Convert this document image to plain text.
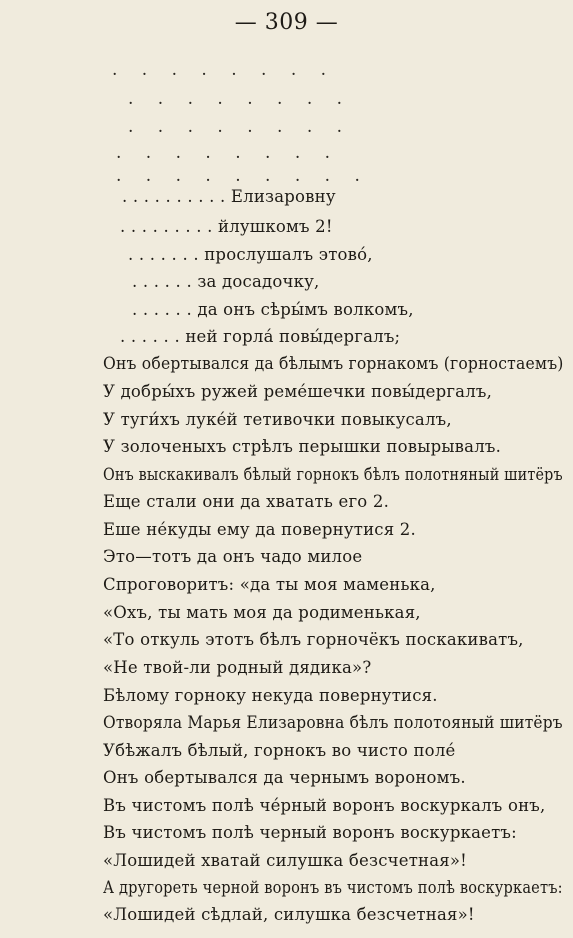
— 309 —
. . . . . . . .
. . . . . . . .
. . . . . . . .
. . . . . . . .
. . . . . . . . .
. . . . . . . . . . Елизаровну
. . . . . . . . . йлушкомъ 2!
. . . . . . . прослушалъ этово́,
. . . . . . за досадочку,
. . . . . . да онъ сѣры́мъ волкомъ,
. . . . . . ней горла́ повы́дергалъ;
Онъ обертывался да бѣлымъ горнакомъ (горностаемъ)
У добры́хъ ружей реме́шечки повы́дергалъ,
У туги́хъ луке́й тетивочки повыкусалъ,
У золоченыхъ стрѣлъ перышки повырывалъ.
Онъ выскакивалъ бѣлый горнокъ бѣлъ полотняный шитёръ
Еще стали они да хватать его 2.
Еше не́куды ему да повернутися 2.
Это—тотъ да онъ чадо милое
Спроговоритъ: «да ты моя маменька,
«Охъ, ты мать моя да родименькая,
«То откуль этотъ бѣлъ горночёкъ поскакиватъ,
«Не твой-ли родный дядика»?
Бѣлому горноку некуда повернутися.
Отворяла Марья Елизаровна бѣлъ полотояный шитёръ
Убѣжалъ бѣлый, горнокъ во чисто поле́
Онъ обертывался да чернымъ ворономъ.
Въ чистомъ полѣ че́рный воронъ воскуркалъ онъ,
Въ чистомъ полѣ черный воронъ воскуркаетъ:
«Лошидей хватай силушка безсчетная»!
А другореть черной воронъ въ чистомъ полѣ воскуркаетъ:
«Лошидей сѣдлай, силушка безсчетная»!
